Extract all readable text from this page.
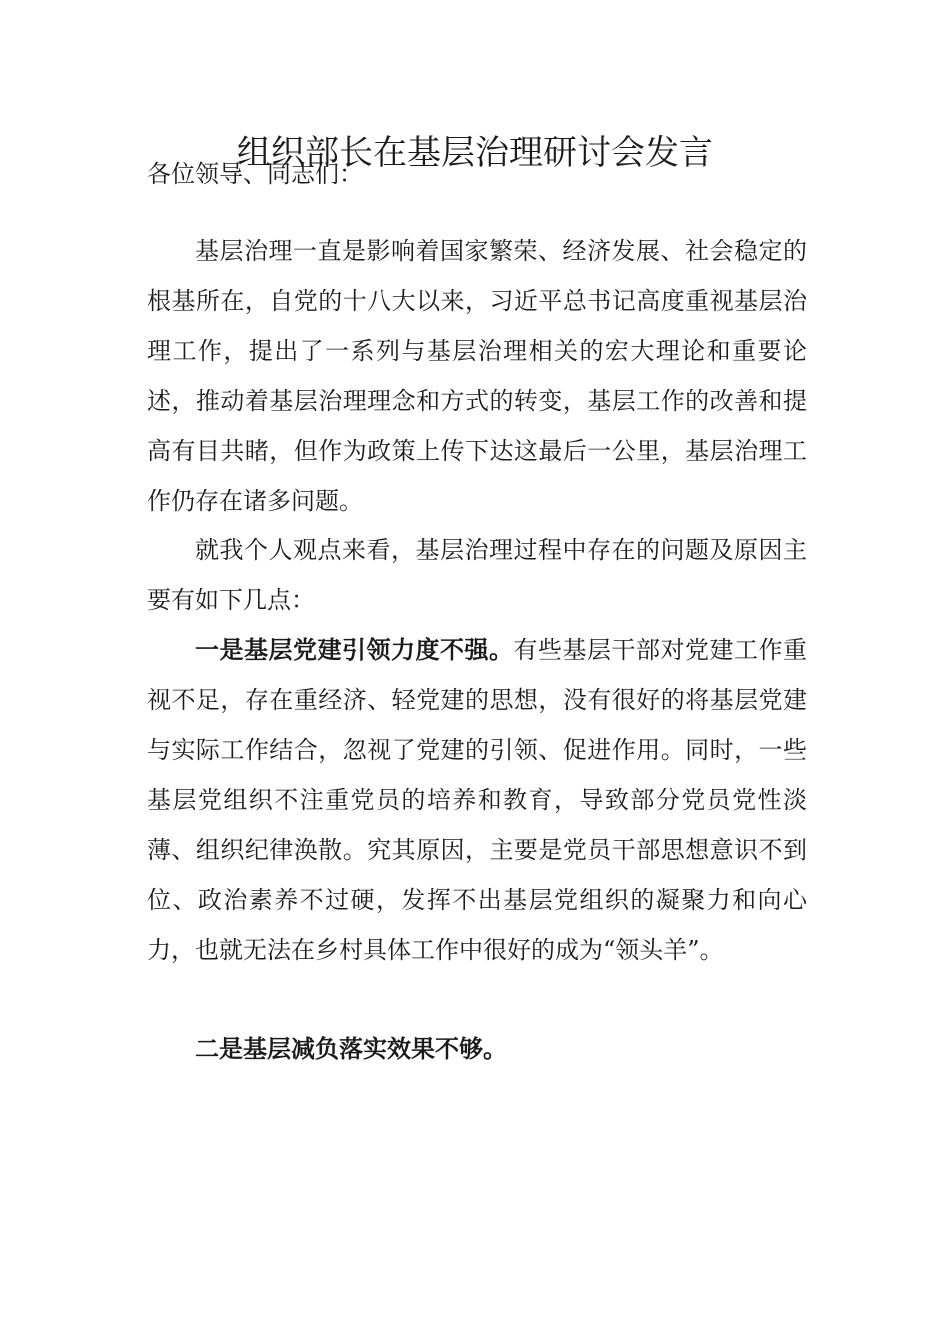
组织部长在基层治理研讨会发言

各位领导、同志们：

基层治理一直是影响着国家繁荣、经济发展、社会稳定的根基所在，自党的十八大以来，习近平总书记高度重视基层治理工作，提出了一系列与基层治理相关的宏大理论和重要论述，推动着基层治理理念和方式的转变，基层工作的改善和提高有目共睹，但作为政策上传下达这最后一公里，基层治理工作仍存在诸多问题。

就我个人观点来看，基层治理过程中存在的问题及原因主要有如下几点：

一是基层党建引领力度不强。有些基层干部对党建工作重视不足，存在重经济、轻党建的思想，没有很好的将基层党建与实际工作结合，忽视了党建的引领、促进作用。同时，一些基层党组织不注重党员的培养和教育，导致部分党员党性淡薄、组织纪律涣散。究其原因，主要是党员干部思想意识不到位、政治素养不过硬，发挥不出基层党组织的凝聚力和向心力，也就无法在乡村具体工作中很好的成为“领头羊”。

二是基层减负落实效果不够。
